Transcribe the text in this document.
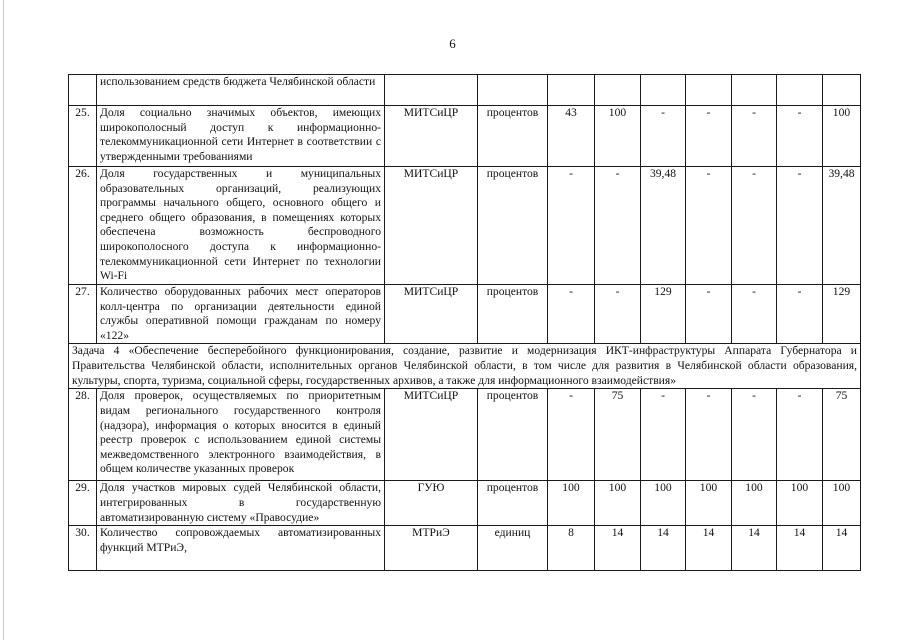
6
	использованием средств бюджета Челябинской области									
25.	Доля социально значимых объектов, имеющих широкополосный доступ к информационно-телекоммуникационной сети Интернет в соответствии с утвержденными требованиями	МИТСиЦР	процентов	43	100	-	-	-	-	100
26.	Доля государственных и муниципальных образовательных организаций, реализующих программы начального общего, основного общего и среднего общего образования, в помещениях которых обеспечена возможность беспроводного широкополосного доступа к информационно-телекоммуникационной сети Интернет по технологии Wi-Fi	МИТСиЦР	процентов	-	-	39,48	-	-	-	39,48
27.	Количество оборудованных рабочих мест операторов колл-центра по организации деятельности единой службы оперативной помощи гражданам по номеру «122»	МИТСиЦР	процентов	-	-	129	-	-	-	129
Задача 4 «Обеспечение бесперебойного функционирования, создание, развитие и модернизация ИКТ-инфраструктуры Аппарата Губернатора и Правительства Челябинской области, исполнительных органов Челябинской области, в том числе для развития в Челябинской области образования, культуры, спорта, туризма, социальной сферы, государственных архивов, а также для информационного взаимодействия»										
28.	Доля проверок, осуществляемых по приоритетным видам регионального государственного контроля (надзора), информация о которых вносится в единый реестр проверок с использованием единой системы межведомственного электронного взаимодействия, в общем количестве указанных проверок	МИТСиЦР	процентов	-	75	-	-	-	-	75
29.	Доля участков мировых судей Челябинской области, интегрированных в государственную автоматизированную систему «Правосудие»	ГУЮ	процентов	100	100	100	100	100	100	100
30.	Количество сопровождаемых автоматизированных функций МТРиЭ,	МТРиЭ	единиц	8	14	14	14	14	14	14
